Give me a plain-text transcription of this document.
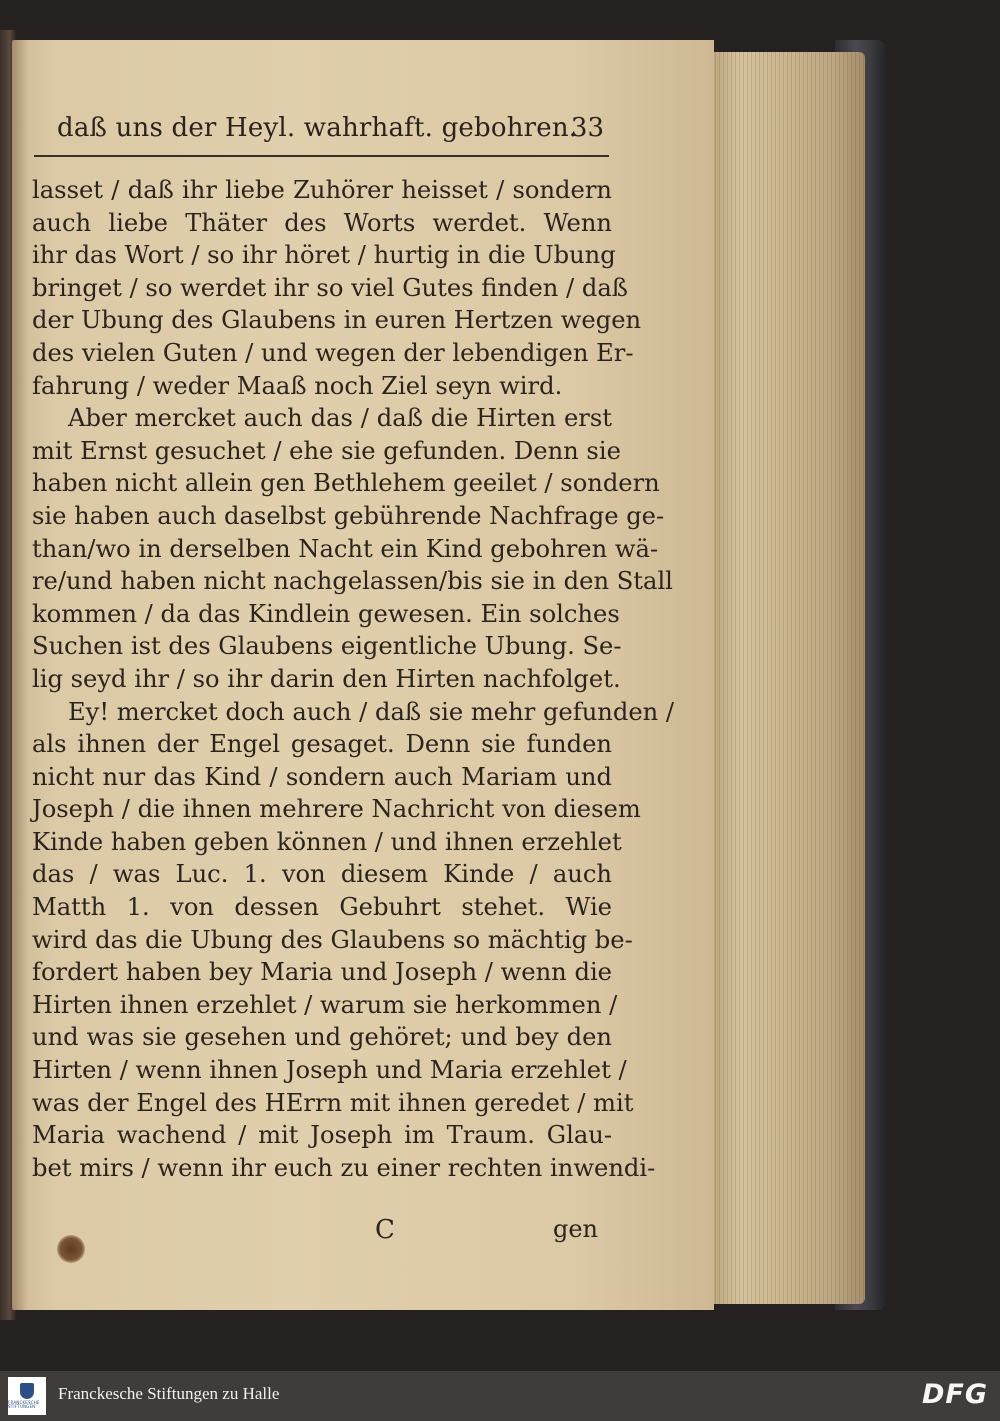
daß uns der Heyl. wahrhaft. gebohren.
33
lasset / daß ihr liebe Zuhörer heisset / sondern
auch liebe Thäter des Worts werdet. Wenn
ihr das Wort / so ihr höret / hurtig in die Ubung
bringet / so werdet ihr so viel Gutes finden / daß
der Ubung des Glaubens in euren Hertzen wegen
des vielen Guten / und wegen der lebendigen Er-
fahrung / weder Maaß noch Ziel seyn wird.
Aber mercket auch das / daß die Hirten erst
mit Ernst gesuchet / ehe sie gefunden. Denn sie
haben nicht allein gen Bethlehem geeilet / sondern
sie haben auch daselbst gebührende Nachfrage ge-
than/wo in derselben Nacht ein Kind gebohren wä-
re/und haben nicht nachgelassen/bis sie in den Stall
kommen / da das Kindlein gewesen. Ein solches
Suchen ist des Glaubens eigentliche Ubung. Se-
lig seyd ihr / so ihr darin den Hirten nachfolget.
Ey! mercket doch auch / daß sie mehr gefunden /
als ihnen der Engel gesaget. Denn sie funden
nicht nur das Kind / sondern auch Mariam und
Joseph / die ihnen mehrere Nachricht von diesem
Kinde haben geben können / und ihnen erzehlet
das / was Luc. 1. von diesem Kinde / auch
Matth 1. von dessen Gebuhrt stehet. Wie
wird das die Ubung des Glaubens so mächtig be-
fordert haben bey Maria und Joseph / wenn die
Hirten ihnen erzehlet / warum sie herkommen /
und was sie gesehen und gehöret; und bey den
Hirten / wenn ihnen Joseph und Maria erzehlet /
was der Engel des HErrn mit ihnen geredet / mit
Maria wachend / mit Joseph im Traum. Glau-
bet mirs / wenn ihr euch zu einer rechten inwendi-
C	gen
FRANCKESCHE STIFTUNGEN
Franckesche Stiftungen zu Halle	DFG
